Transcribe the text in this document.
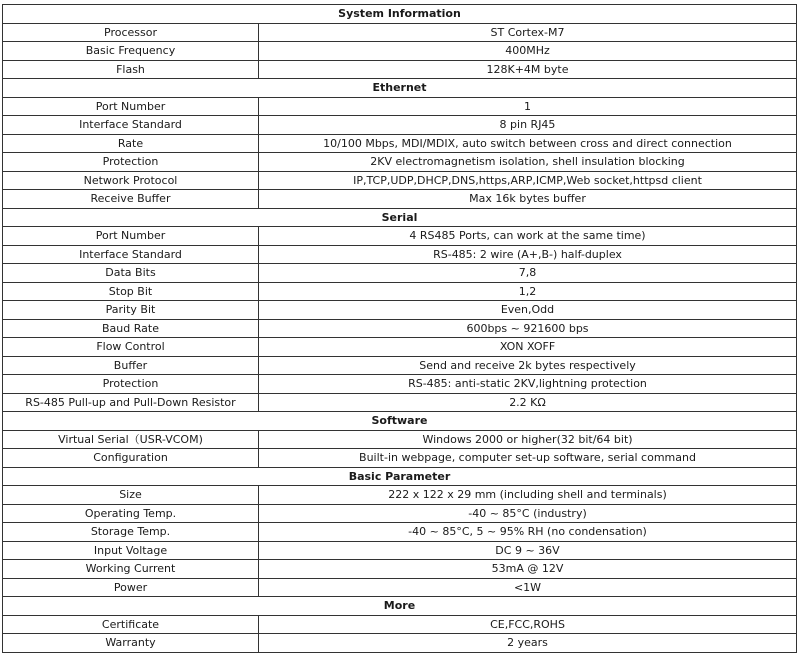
System Information	
Processor	ST Cortex-M7
Basic Frequency	400MHz
Flash	128K+4M byte
Ethernet	
Port Number	1
Interface Standard	8 pin RJ45
Rate	10/100 Mbps, MDI/MDIX, auto switch between cross and direct connection
Protection	2KV electromagnetism isolation, shell insulation blocking
Network Protocol	IP,TCP,UDP,DHCP,DNS,https,ARP,ICMP,Web socket,httpsd client
Receive Buffer	Max 16k bytes buffer
Serial	
Port Number	4 RS485 Ports, can work at the same time)
Interface Standard	RS-485: 2 wire (A+,B-) half-duplex
Data Bits	7,8
Stop Bit	1,2
Parity Bit	Even,Odd
Baud Rate	600bps ~ 921600 bps
Flow Control	XON XOFF
Buffer	Send and receive 2k bytes respectively
Protection	RS-485: anti-static 2KV,lightning protection
RS-485 Pull-up and Pull-Down Resistor	2.2 KΩ
Software	
Virtual Serial（USR-VCOM)	Windows 2000 or higher(32 bit/64 bit)
Configuration	Built-in webpage, computer set-up software, serial command
Basic Parameter	
Size	222 x 122 x 29 mm (including shell and terminals)
Operating Temp.	-40 ~ 85°C (industry)
Storage Temp.	-40 ~ 85°C, 5 ~ 95% RH (no condensation)
Input Voltage	DC 9 ~ 36V
Working Current	53mA @ 12V
Power	<1W
More	
Certificate	CE,FCC,ROHS
Warranty	2 years
